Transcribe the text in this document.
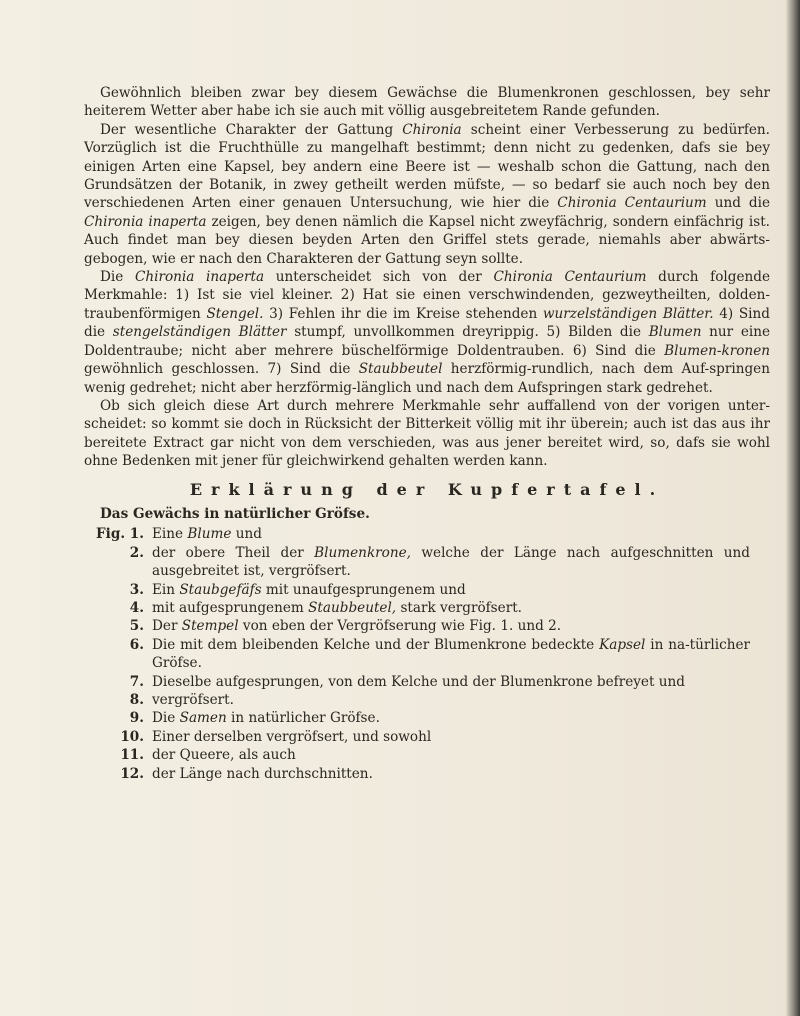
Gewöhnlich bleiben zwar bey diesem Gewächse die Blumenkronen geschlossen, bey sehr heiterem Wetter aber habe ich sie auch mit völlig ausgebreitetem Rande gefunden.

Der wesentliche Charakter der Gattung Chironia scheint einer Verbesserung zu bedürfen. Vorzüglich ist die Fruchthülle zu mangelhaft bestimmt; denn nicht zu gedenken, dafs sie bey einigen Arten eine Kapsel, bey andern eine Beere ist — weshalb schon die Gattung, nach den Grundsätzen der Botanik, in zwey getheilt werden müfste, — so bedarf sie auch noch bey den verschiedenen Arten einer genauen Untersuchung, wie hier die Chironia Centaurium und die Chironia inaperta zeigen, bey denen nämlich die Kapsel nicht zweyfächrig, sondern einfächrig ist. Auch findet man bey diesen beyden Arten den Griffel stets gerade, niemahls aber abwärts-gebogen, wie er nach den Charakteren der Gattung seyn sollte.

Die Chironia inaperta unterscheidet sich von der Chironia Centaurium durch folgende Merkmahle: 1) Ist sie viel kleiner. 2) Hat sie einen verschwindenden, gezweytheilten, dolden-traubenförmigen Stengel. 3) Fehlen ihr die im Kreise stehenden wurzelständigen Blätter. 4) Sind die stengelständigen Blätter stumpf, unvollkommen dreyrippig. 5) Bilden die Blumen nur eine Doldentraube; nicht aber mehrere büschelförmige Doldentrauben. 6) Sind die Blumen-kronen gewöhnlich geschlossen. 7) Sind die Staubbeutel herzförmig-rundlich, nach dem Auf-springen wenig gedrehet; nicht aber herzförmig-länglich und nach dem Aufspringen stark gedrehet.

Ob sich gleich diese Art durch mehrere Merkmahle sehr auffallend von der vorigen unter-scheidet: so kommt sie doch in Rücksicht der Bitterkeit völlig mit ihr überein; auch ist das aus ihr bereitete Extract gar nicht von dem verschieden, was aus jener bereitet wird, so, dafs sie wohl ohne Bedenken mit jener für gleichwirkend gehalten werden kann.

Erklärung der Kupfertafel.
Das Gewächs in natürlicher Gröfse.
Fig. 1. Eine Blume und
2. der obere Theil der Blumenkrone, welche der Länge nach aufgeschnitten und ausgebreitet ist, vergröfsert.
3. Ein Staubgefäfs mit unaufgesprungenem und
4. mit aufgesprungenem Staubbeutel, stark vergröfsert.
5. Der Stempel von eben der Vergröfserung wie Fig. 1. und 2.
6. Die mit dem bleibenden Kelche und der Blumenkrone bedeckte Kapsel in na-türlicher Gröfse.
7. Dieselbe aufgesprungen, von dem Kelche und der Blumenkrone befreyet und
8. vergröfsert.
9. Die Samen in natürlicher Gröfse.
10. Einer derselben vergröfsert, und sowohl
11. der Queere, als auch
12. der Länge nach durchschnitten.
